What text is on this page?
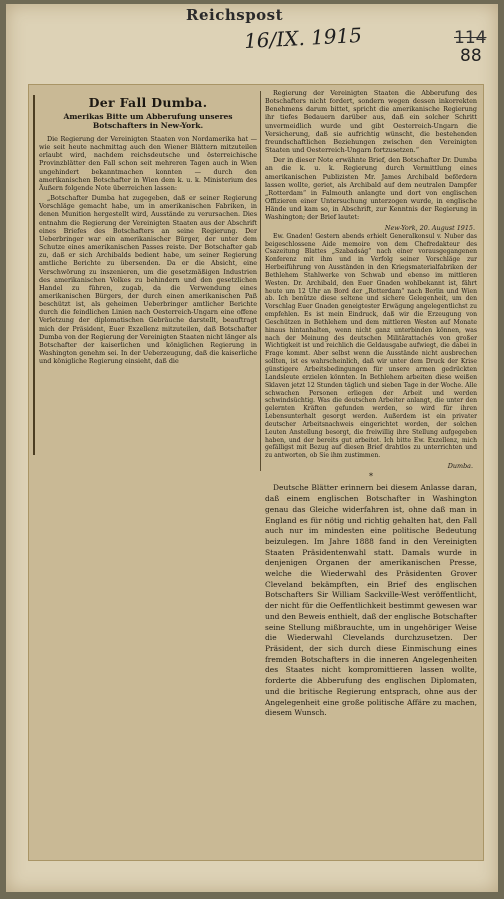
Reichspost
16/IX. 1915	114
88
Der Fall Dumba.
Amerikas Bitte um Abberufung unseres Botschafters in New-York.

Die Regierung der Vereinigten Staaten von Nordamerika hat — wie seit heute nachmittag auch den Wiener Blättern mitzuteilen erlaubt wird, nachdem reichsdeutsche und österreichische Provinzblätter den Fall schon seit mehreren Tagen auch in Wien ungehindert bekanntmachen konnten — durch den amerikanischen Botschafter in Wien dem k. u. k. Ministerium des Äußern folgende Note überreichen lassen:

„Botschafter Dumba hat zugegeben, daß er seiner Regierung Vorschläge gemacht habe, um in amerikanischen Fabriken, in denen Munition hergestellt wird, Ausstände zu verursachen. Dies entnahm die Regierung der Vereinigten Staaten aus der Abschrift eines Briefes des Botschafters an seine Regierung. Der Ueberbringer war ein amerikanischer Bürger, der unter dem Schutze eines amerikanischen Passes reiste. Der Botschafter gab zu, daß er sich Archibalds bedient habe, um seiner Regierung amtliche Berichte zu übersenden. Da er die Absicht, eine Verschwörung zu inszenieren, um die gesetzmäßigen Industrien des amerikanischen Volkes zu behindern und den gesetzlichen Handel zu führen, zugab, da die Verwendung eines amerikanischen Bürgers, der durch einen amerikanischen Paß beschützt ist, als geheimen Ueberbringer amtlicher Berichte durch die feindlichen Linien nach Oesterreich-Ungarn eine offene Verletzung der diplomatischen Gebräuche darstellt, beauftragt mich der Präsident, Euer Exzellenz mitzuteilen, daß Botschafter Dumba von der Regierung der Vereinigten Staaten nicht länger als Botschafter der kaiserlichen und königlichen Regierung in Washington genehm sei. In der Ueberzeugung, daß die kaiserliche und königliche Regierung einsieht, daß die

Regierung der Vereinigten Staaten die Abberufung des Botschafters nicht fordert, sondern wegen dessen inkorrekten Benehmens darum bittet, spricht die amerikanische Regierung ihr tiefes Bedauern darüber aus, daß ein solcher Schritt unvermeidlich wurde und gibt Oesterreich-Ungarn die Versicherung, daß sie aufrichtig wünscht, die bestehenden freundschaftlichen Beziehungen zwischen den Vereinigten Staaten und Oesterreich-Ungarn fortzusetzen.“

Der in dieser Note erwähnte Brief, den Botschafter Dr. Dumba an die k. u. k. Regierung durch Vermittlung eines amerikanischen Publizisten Mr. James Archibald befördern lassen wollte, geriet, als Archibald auf dem neutralen Dampfer „Rotterdam“ in Falmouth anlangte und dort von englischen Offizieren einer Untersuchung unterzogen wurde, in englische Hände und kam so, in Abschrift, zur Kenntnis der Regierung in Washington; der Brief lautet:

New-York, 20. August 1915.

Ew. Gnaden! Gestern abends erhielt Generalkonsul v. Nuber das beigeschlossene Aide memoire von dem Chefredakteur des Csazeitung Blattes „Szabadság“ nach einer vorausgegangenen Konferenz mit ihm und in Verfolg seiner Vorschläge zur Herbeiführung von Ausständen in den Kriegsmaterialfabriken der Bethlehem Stahlwerke von Schwab und ebenso im mittleren Westen. Dr. Archibald, den Euer Gnaden wohlbekannt ist, fährt heute um 12 Uhr an Bord der „Rotterdam“ nach Berlin und Wien ab. Ich benütze diese seltene und sichere Gelegenheit, um den Vorschlag Euer Gnaden geneigtester Erwägung angelegentlichst zu empfehlen. Es ist mein Eindruck, daß wir die Erzeugung von Geschützen in Bethlehem und dem mittleren Westen auf Monate hinaus hintanhalten, wenn nicht ganz unterbinden können, was nach der Meinung des deutschen Militärattachés von großer Wichtigkeit ist und reichlich die Geldausgabe aufwiegt, die dabei in Frage kommt. Aber selbst wenn die Ausstände nicht ausbrechen sollten, ist es wahrscheinlich, daß wir unter dem Druck der Krise günstigere Arbeitsbedingungen für unsere armen gedrückten Landsleute erzielen könnten. In Bethlehem arbeiten diese weißen Sklaven jetzt 12 Stunden täglich und sieben Tage in der Woche. Alle schwachen Personen erliegen der Arbeit und werden schwindsüchtig. Was die deutschen Arbeiter anlangt, die unter den gelernten Kräften gefunden werden, so wird für ihren Lebensunterhalt gesorgt werden. Außerdem ist ein privater deutscher Arbeitsnachweis eingerichtet worden, der solchen Leuten Anstellung besorgt, die freiwillig ihre Stellung aufgegeben haben, und der bereits gut arbeitet. Ich bitte Ew. Exzellenz, mich gefälligst mit Bezug auf diesen Brief drahtlos zu unterrichten und zu antworten, ob Sie ihm zustimmen.

Dumba.
*

Deutsche Blätter erinnern bei diesem Anlasse daran, daß einem englischen Botschafter in Washington genau das Gleiche widerfahren ist, ohne daß man in England es für nötig und richtig gehalten hat, den Fall auch nur im mindesten eine politische Bedeutung beizulegen. Im Jahre 1888 fand in den Vereinigten Staaten Präsidentenwahl statt. Damals wurde in denjenigen Organen der amerikanischen Presse, welche die Wiederwahl des Präsidenten Grover Cleveland bekämpften, ein Brief des englischen Botschafters Sir William Sackville-West veröffentlicht, der nicht für die Oeffentlichkeit bestimmt gewesen war und den Beweis enthielt, daß der englische Botschafter seine Stellung mißbrauchte, um in ungehöriger Weise die Wiederwahl Clevelands durchzusetzen. Der Präsident, der sich durch diese Einmischung eines fremden Botschafters in die inneren Angelegenheiten des Staates nicht kompromittieren lassen wollte, forderte die Abberufung des englischen Diplomaten, und die britische Regierung entsprach, ohne aus der Angelegenheit eine große politische Affäre zu machen, diesem Wunsch.
